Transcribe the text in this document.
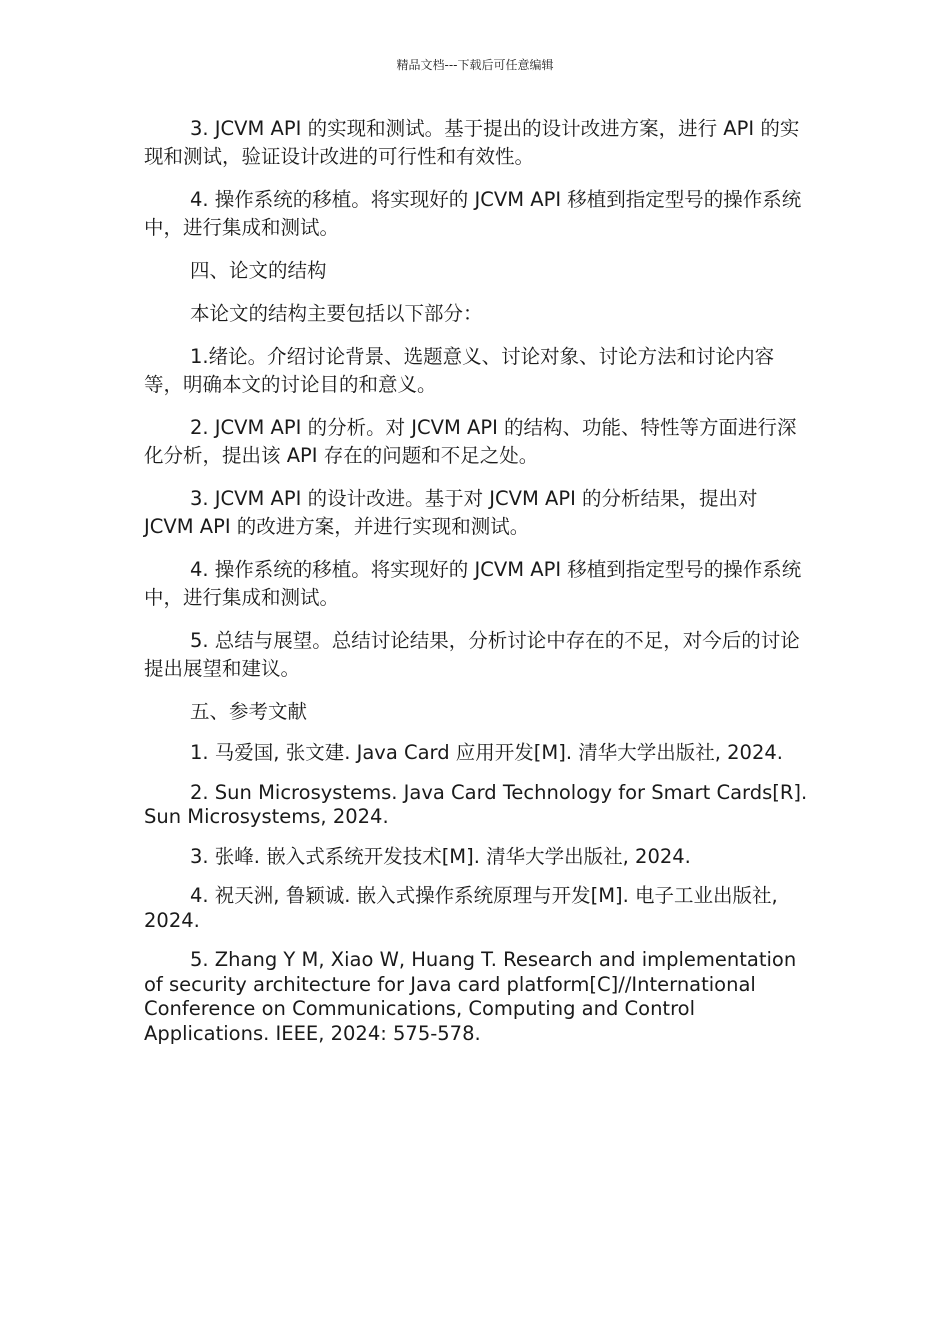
精品文档---下载后可任意编辑

3. JCVM API 的实现和测试。基于提出的设计改进方案，进行 API 的实现和测试，验证设计改进的可行性和有效性。

4. 操作系统的移植。将实现好的 JCVM API 移植到指定型号的操作系统中，进行集成和测试。

四、论文的结构

本论文的结构主要包括以下部分：

1.绪论。介绍讨论背景、选题意义、讨论对象、讨论方法和讨论内容等，明确本文的讨论目的和意义。

2. JCVM API 的分析。对 JCVM API 的结构、功能、特性等方面进行深化分析，提出该 API 存在的问题和不足之处。

3. JCVM API 的设计改进。基于对 JCVM API 的分析结果，提出对 JCVM API 的改进方案，并进行实现和测试。

4. 操作系统的移植。将实现好的 JCVM API 移植到指定型号的操作系统中，进行集成和测试。

5. 总结与展望。总结讨论结果，分析讨论中存在的不足，对今后的讨论提出展望和建议。

五、参考文献

1. 马爱国, 张文建. Java Card 应用开发[M]. 清华大学出版社, 2024.

2. Sun Microsystems. Java Card Technology for Smart Cards[R]. Sun Microsystems, 2024.

3. 张峰. 嵌入式系统开发技术[M]. 清华大学出版社, 2024.

4. 祝天洲, 鲁颖诚. 嵌入式操作系统原理与开发[M]. 电子工业出版社, 2024.

5. Zhang Y M, Xiao W, Huang T. Research and implementation of security architecture for Java card platform[C]//International Conference on Communications, Computing and Control Applications. IEEE, 2024: 575-578.
